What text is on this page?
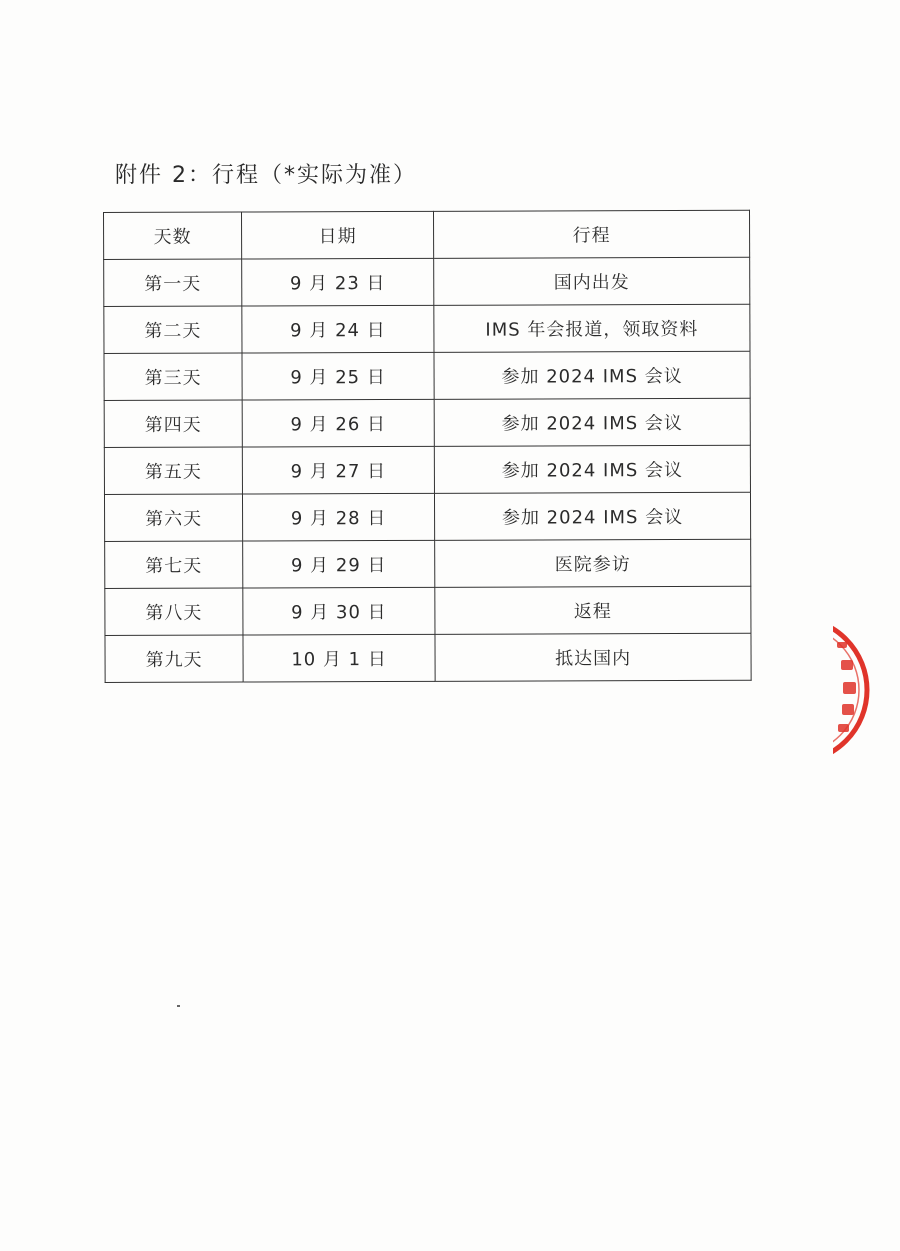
附件 2：行程（*实际为准）
天数	日期	行程
第一天	9 月 23 日	国内出发
第二天	9 月 24 日	IMS 年会报道，领取资料
第三天	9 月 25 日	参加 2024 IMS 会议
第四天	9 月 26 日	参加 2024 IMS 会议
第五天	9 月 27 日	参加 2024 IMS 会议
第六天	9 月 28 日	参加 2024 IMS 会议
第七天	9 月 29 日	医院参访
第八天	9 月 30 日	返程
第九天	10 月 1 日	抵达国内
